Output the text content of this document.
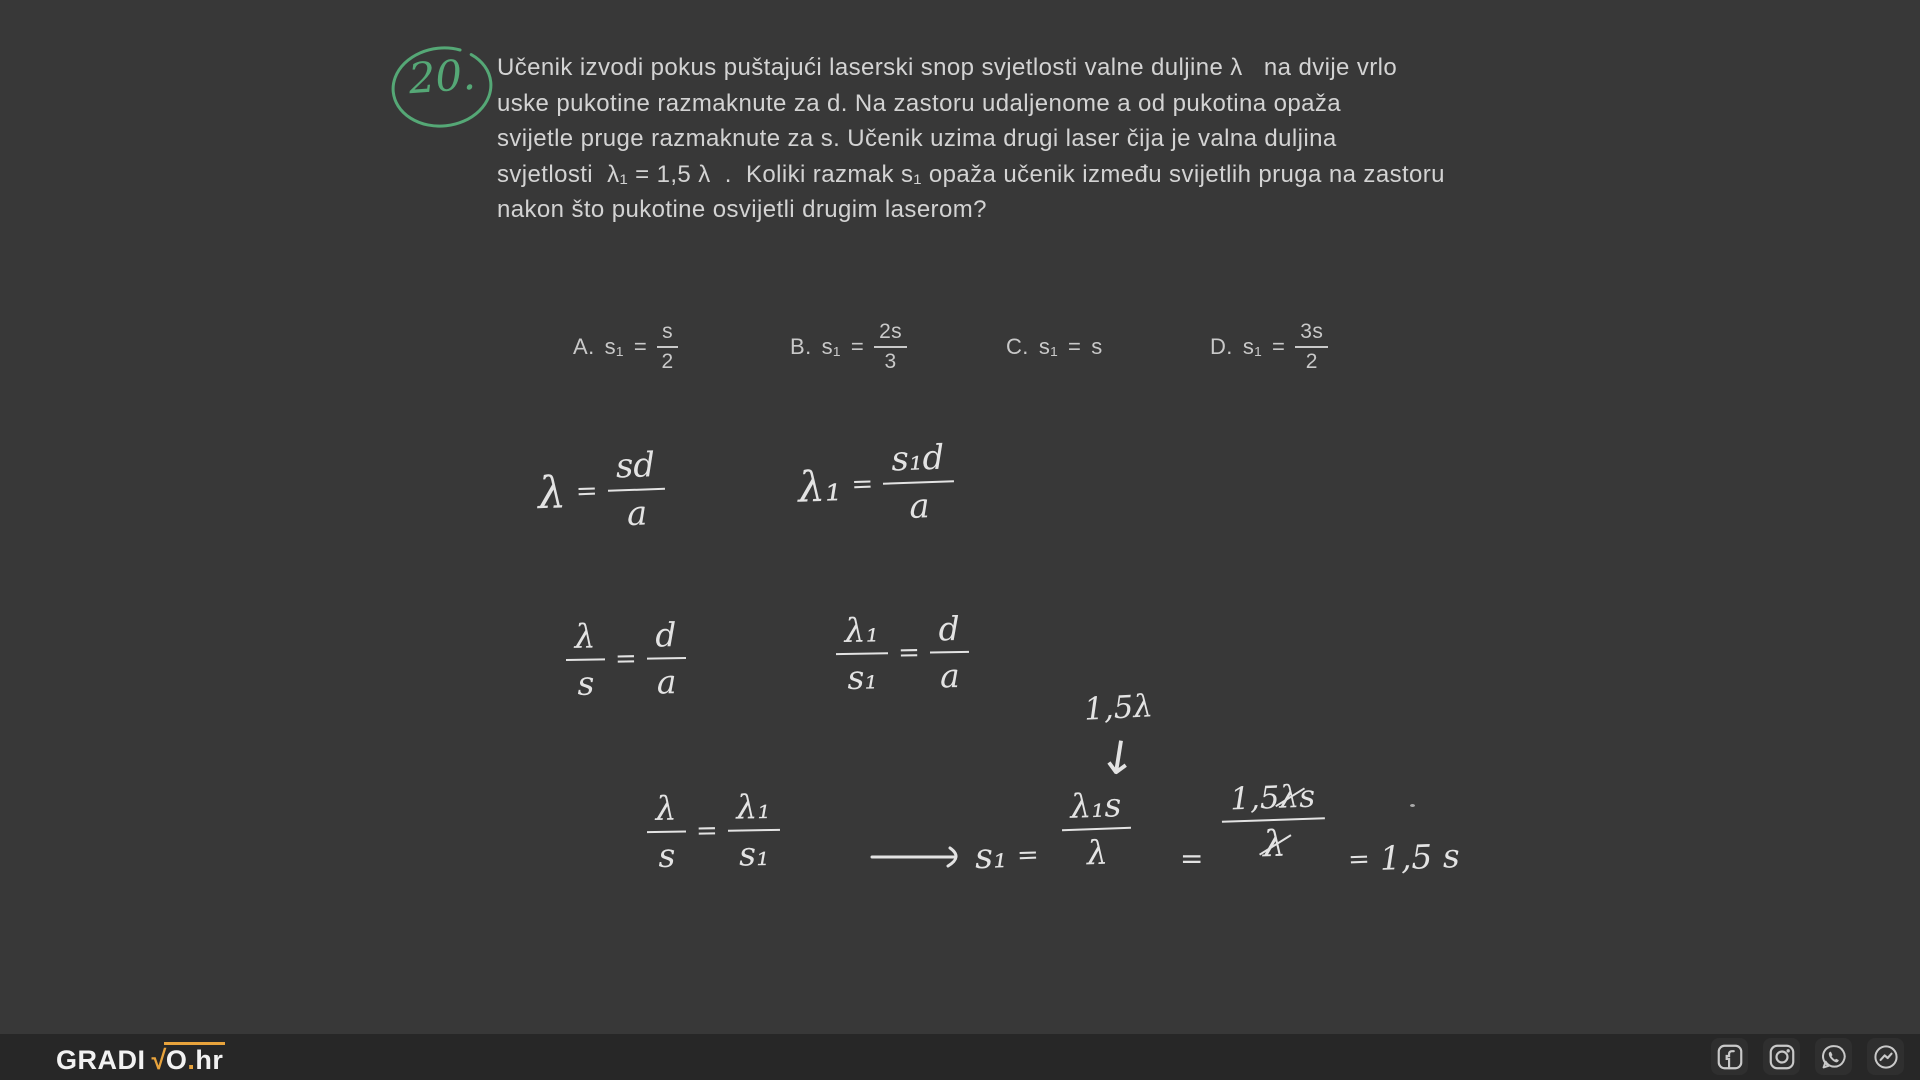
20. Učenik izvodi pokus puštajući laserski snop svjetlosti valne duljine λ   na dvije vrlo
uske pukotine razmaknute za d. Na zastoru udaljenome a od pukotina opaža
svijetle pruge razmaknute za s. Učenik uzima drugi laser čija je valna duljina
svjetlosti  λ₁ = 1,5 λ  .  Koliki razmak s₁ opaža učenik između svijetlih pruga na zastoru
nakon što pukotine osvijetli drugim laserom?
A. $s_1 = \frac{s}{2}$	B. $s_1 = \frac{2s}{3}$	C. s₁ = s	D. $s_1 = \frac{3s}{2}$
$\lambda = \frac{sd}{a}$	$\lambda_1 = \frac{\text{s₁d}}{a}$
$\frac{\lambda}{s} = \frac{d}{a}$	$\frac{\text{λ₁}}{\text{s₁}} = \frac{d}{a}$
1,5λ
↓
$\frac{\lambda}{s} = \frac{\text{λ₁}}{\text{s₁}}$	$s_1 = \frac{\text{λ₁s}}{\lambda} = \frac{1,5\lambda s}{\lambda} = 1,5$ s
GRADI √ O . hr
